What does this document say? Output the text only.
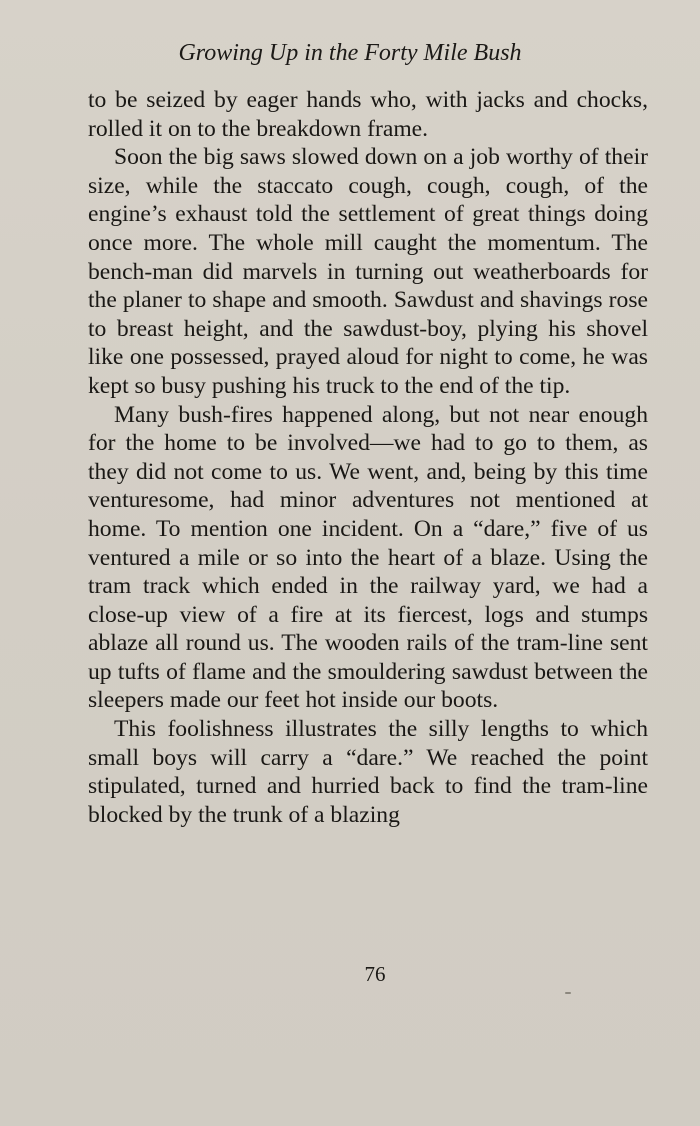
Growing Up in the Forty Mile Bush

to be seized by eager hands who, with jacks and chocks, rolled it on to the breakdown frame.

Soon the big saws slowed down on a job worthy of their size, while the staccato cough, cough, cough, of the engine’s exhaust told the settlement of great things doing once more. The whole mill caught the momentum. The bench-man did marvels in turning out weatherboards for the planer to shape and smooth. Sawdust and shavings rose to breast height, and the sawdust-boy, plying his shovel like one possessed, prayed aloud for night to come, he was kept so busy pushing his truck to the end of the tip.

Many bush-fires happened along, but not near enough for the home to be involved—we had to go to them, as they did not come to us. We went, and, being by this time venturesome, had minor adventures not mentioned at home. To mention one incident. On a “dare,” five of us ventured a mile or so into the heart of a blaze. Using the tram track which ended in the railway yard, we had a close-up view of a fire at its fiercest, logs and stumps ablaze all round us. The wooden rails of the tram-line sent up tufts of flame and the smouldering sawdust between the sleepers made our feet hot inside our boots.

This foolishness illustrates the silly lengths to which small boys will carry a “dare.” We reached the point stipulated, turned and hurried back to find the tram-line blocked by the trunk of a blazing

76
